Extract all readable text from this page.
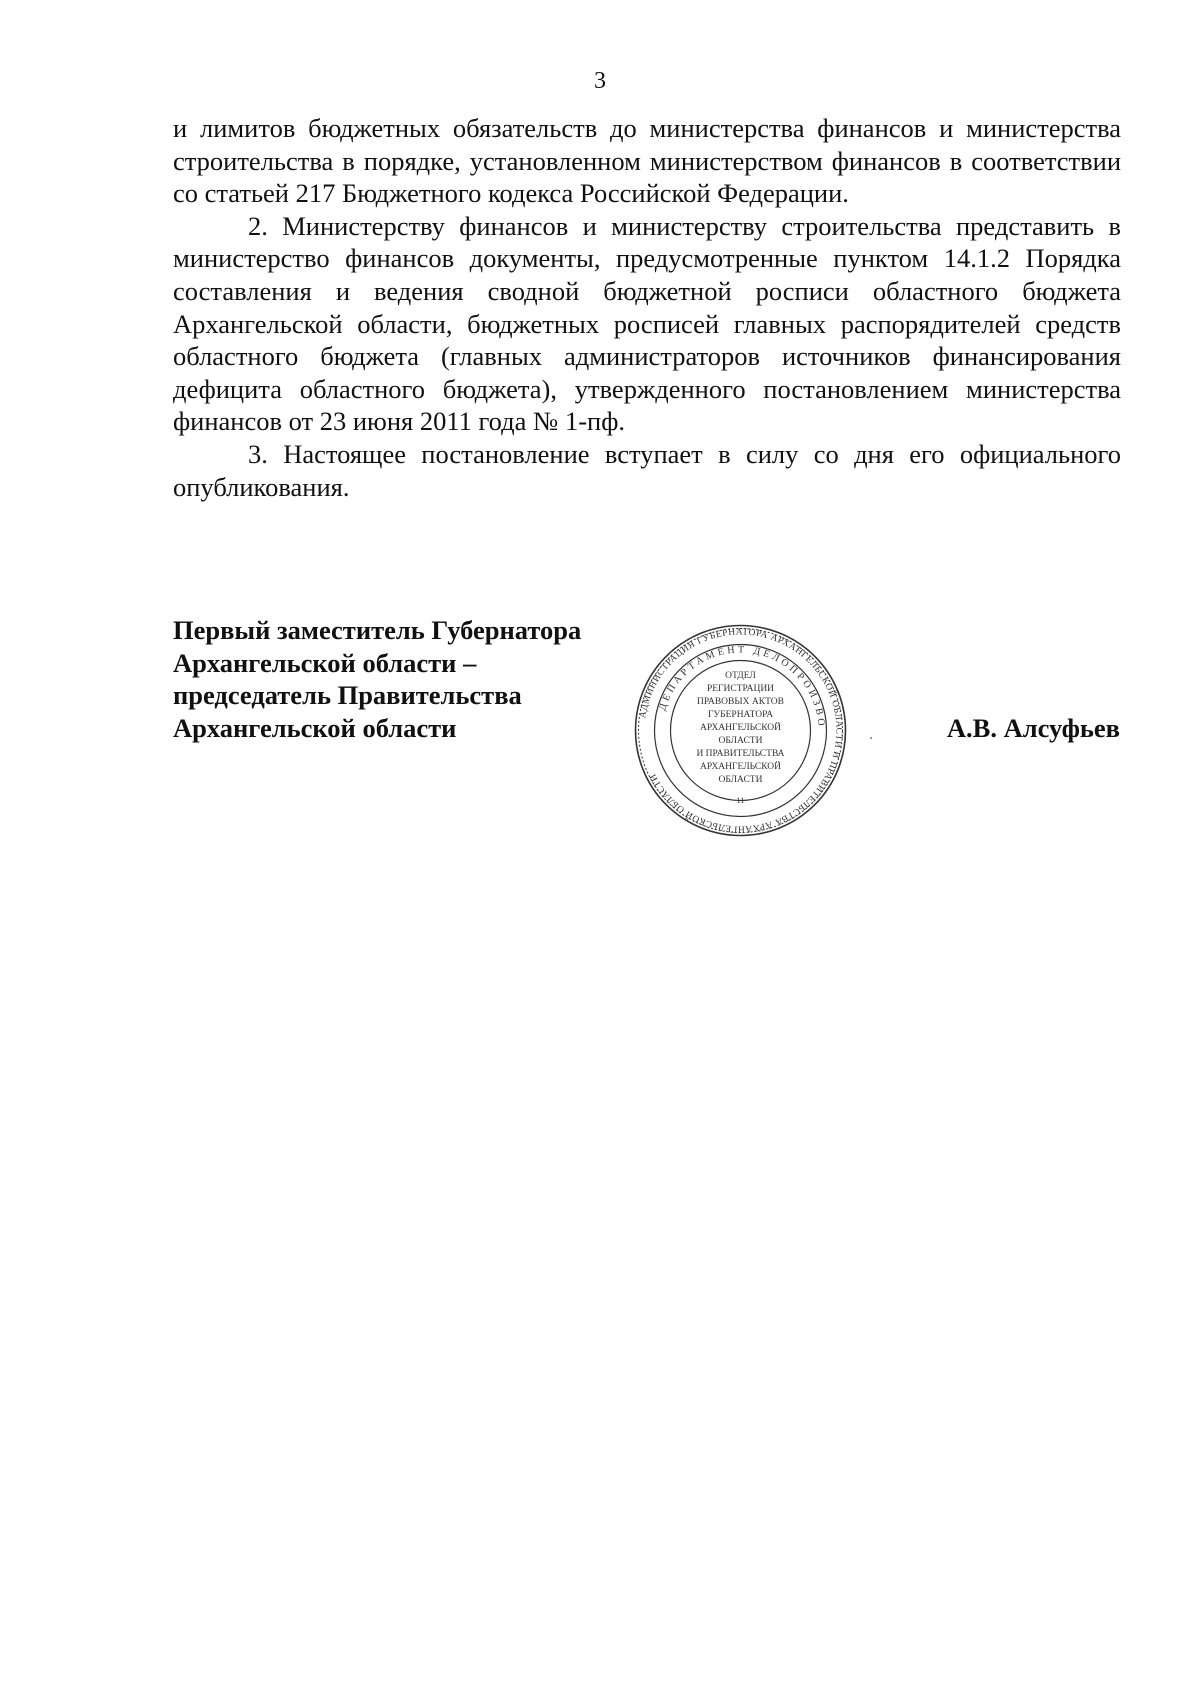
3

и лимитов бюджетных обязательств до министерства финансов и министерства строительства в порядке, установленном министерством финансов в соответствии со статьей 217 Бюджетного кодекса Российской Федерации.

2. Министерству финансов и министерству строительства представить в министерство финансов документы, предусмотренные пунктом 14.1.2 Порядка составления и ведения сводной бюджетной росписи областного бюджета Архангельской области, бюджетных росписей главных распорядителей средств областного бюджета (главных администраторов источников финансирования дефицита областного бюджета), утвержденного постановлением министерства финансов от 23 июня 2011 года № 1-пф.

3. Настоящее постановление вступает в силу со дня его официального опубликования.

Первый заместитель Губернатора
Архангельской области –
председатель Правительства
Архангельской области	АДМИНИСТРАЦИЯ ГУБЕРНАТОРА АРХАНГЕЛЬСКОЙ ОБЛАСТИ И ПРАВИТЕЛЬСТВА АРХАНГЕЛЬСКОЙ ОБЛАСТИ
ДЕПАРТАМЕНТ ДЕЛОПРОИЗВО
ОТДЕЛ
РЕГИСТРАЦИИ
ПРАВОВЫХ АКТОВ
ГУБЕРНАТОРА
АРХАНГЕЛЬСКОЙ
ОБЛАСТИ
И ПРАВИТЕЛЬСТВА
АРХАНГЕЛЬСКОЙ
ОБЛАСТИ
11
А.В. Алсуфьев
